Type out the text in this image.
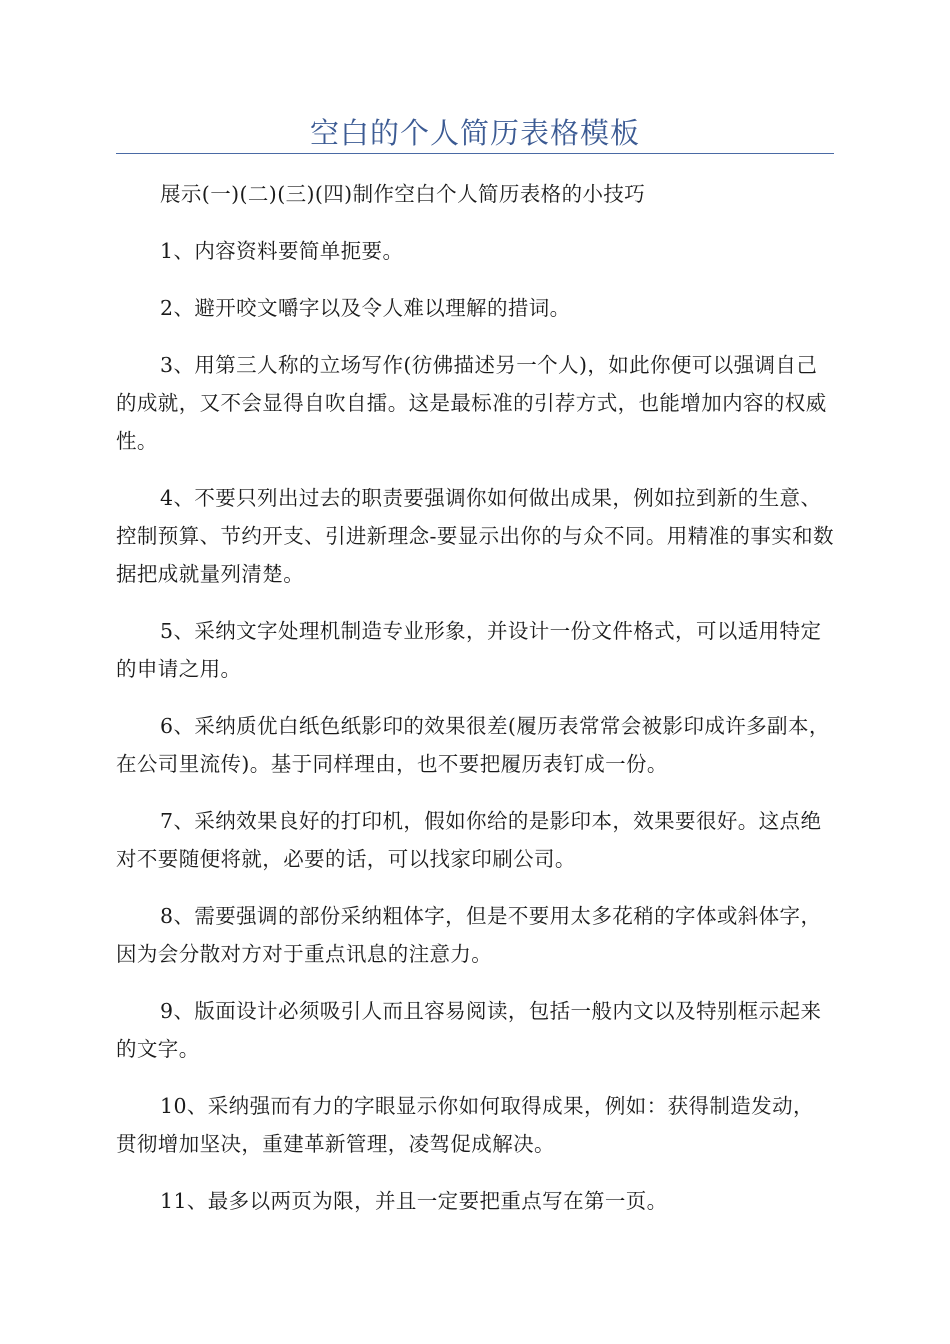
空白的个人简历表格模板

展示(一)(二)(三)(四)制作空白个人简历表格的小技巧

1、内容资料要简单扼要。

2、避开咬文嚼字以及令人难以理解的措词。

3、用第三人称的立场写作(彷佛描述另一个人)，如此你便可以强调自己的成就，又不会显得自吹自擂。这是最标准的引荐方式，也能增加内容的权威性。

4、不要只列出过去的职责要强调你如何做出成果，例如拉到新的生意、控制预算、节约开支、引进新理念-要显示出你的与众不同。用精准的事实和数据把成就量列清楚。

5、采纳文字处理机制造专业形象，并设计一份文件格式，可以适用特定的申请之用。

6、采纳质优白纸色纸影印的效果很差(履历表常常会被影印成许多副本，在公司里流传)。基于同样理由，也不要把履历表钉成一份。

7、采纳效果良好的打印机，假如你给的是影印本，效果要很好。这点绝对不要随便将就，必要的话，可以找家印刷公司。

8、需要强调的部份采纳粗体字，但是不要用太多花稍的字体或斜体字，因为会分散对方对于重点讯息的注意力。

9、版面设计必须吸引人而且容易阅读，包括一般内文以及特别框示起来的文字。

10、采纳强而有力的字眼显示你如何取得成果，例如：获得制造发动，贯彻增加坚决，重建革新管理，凌驾促成解决。

11、最多以两页为限，并且一定要把重点写在第一页。
